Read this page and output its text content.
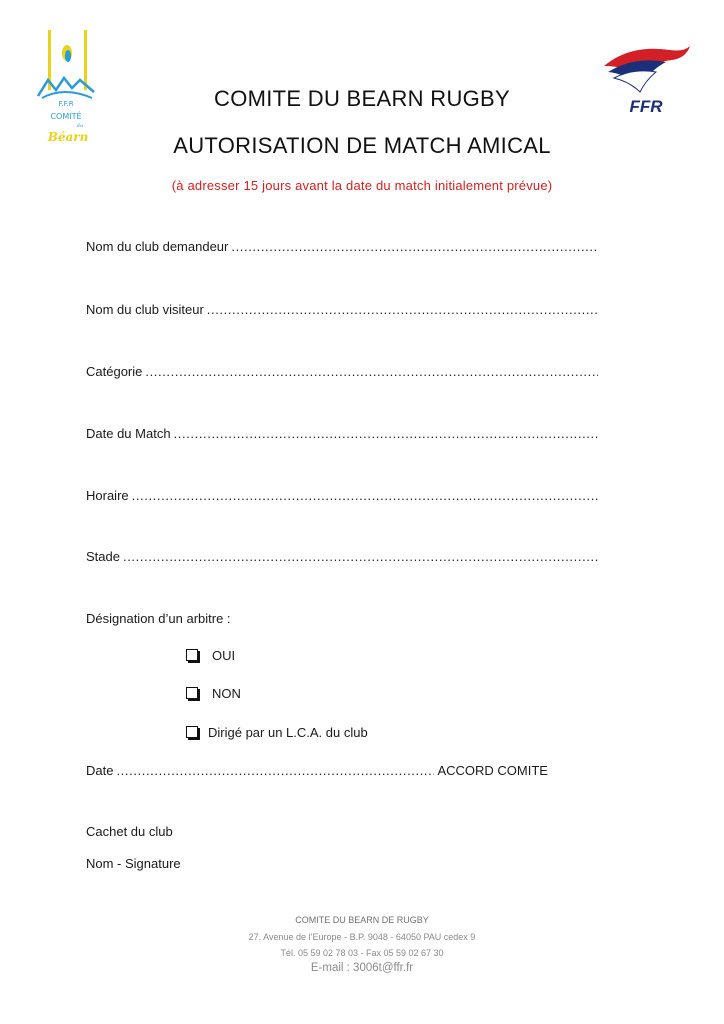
F.F.R
COMITÉ
du
Béarn
FFR
COMITE DU BEARN RUGBY
AUTORISATION DE MATCH AMICAL
(à adresser 15 jours avant la date du match initialement prévue)
Nom du club demandeur
.....
Nom du club visiteur
.....
Catégorie
.....
Date du Match
.....
Horaire
.....
Stade
.....
Désignation d’un arbitre :
OUI
NON
Dirigé par un L.C.A. du club
Date
.....	ACCORD COMITE
Cachet du club
Nom - Signature
COMITE DU BEARN DE RUGBY
27, Avenue de l’Europe - B.P. 9048 - 64050 PAU cedex 9
Tél. 05 59 02 78 03 - Fax 05 59 02 67 30
E-mail : 3006t@ffr.fr
